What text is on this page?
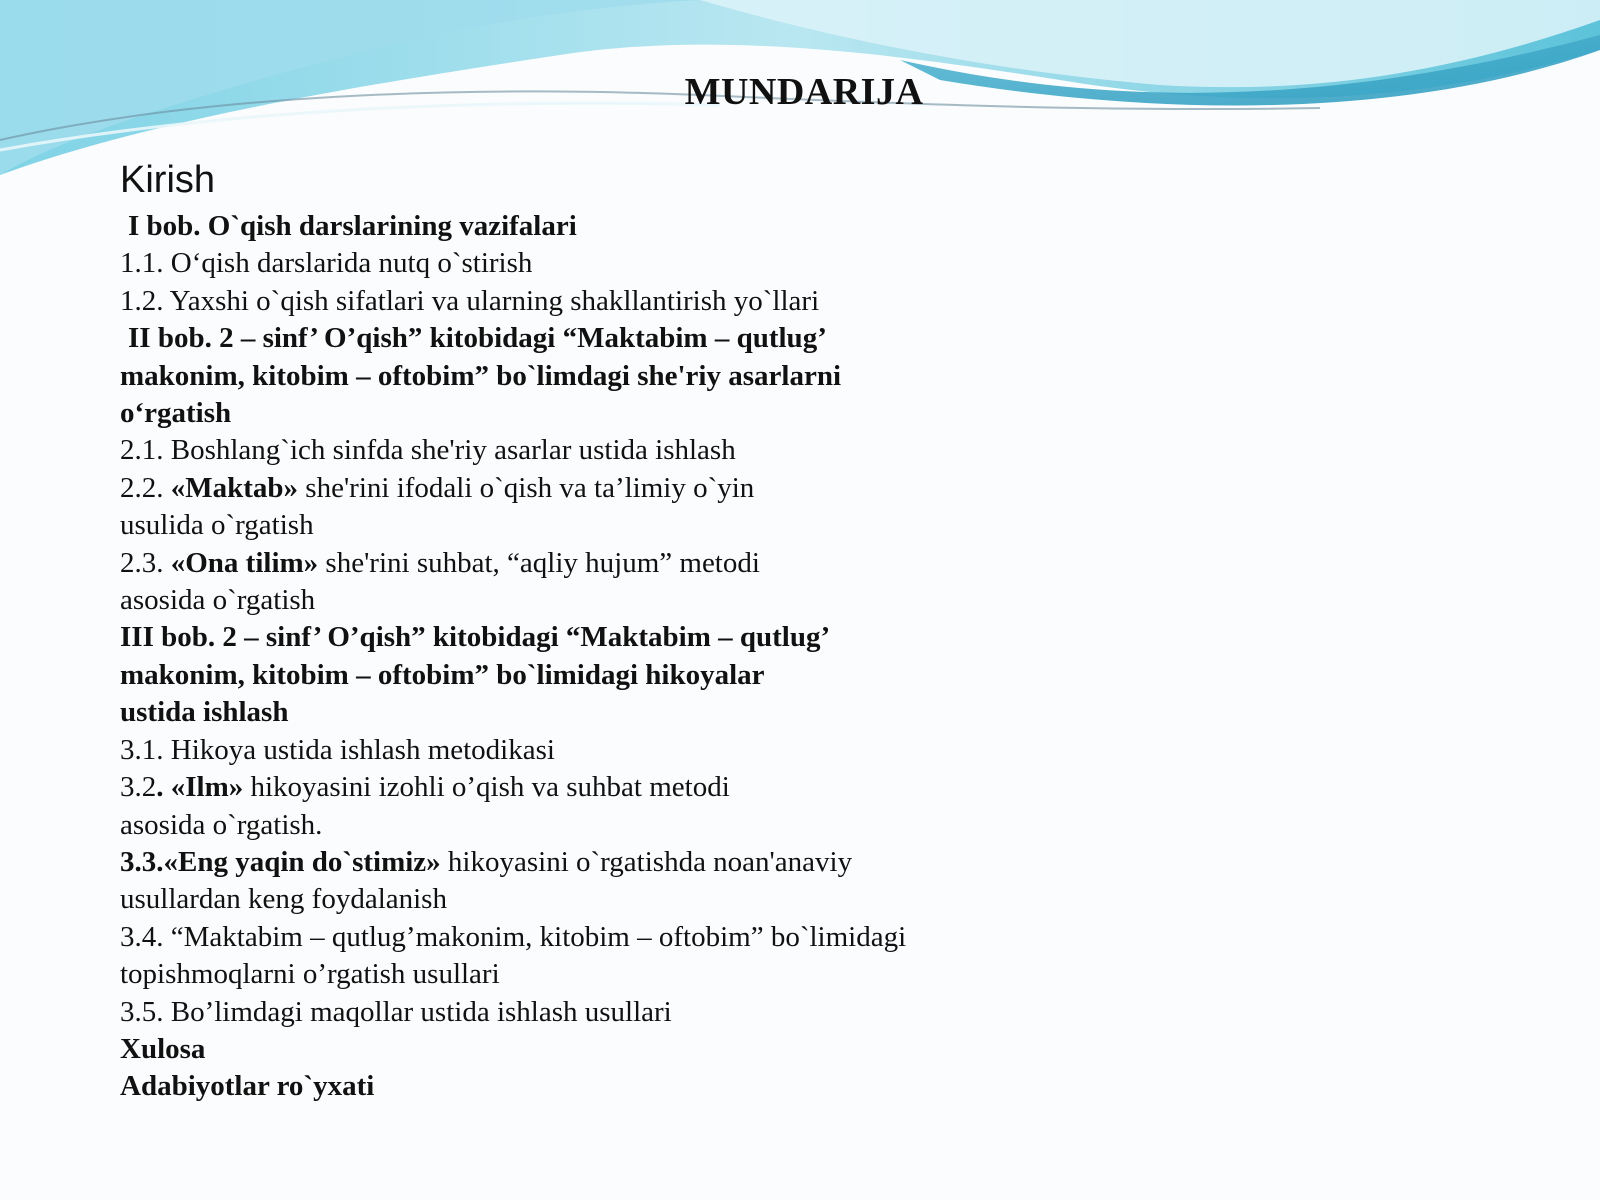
MUNDARIJA
Kirish
I bob. O`qish darslarining vazifalari
1.1. O‘qish darslarida nutq o`stirish
1.2. Yaxshi o`qish sifatlari va ularning shakllantirish yo`llari
II bob. 2 – sinf’ O’qish” kitobidagi “Maktabim – qutlug’
makonim, kitobim – oftobim” bo`limdagi she'riy asarlarni
o‘rgatish
2.1. Boshlang`ich sinfda she'riy asarlar ustida ishlash
2.2. «Maktab» she'rini ifodali o`qish va ta’limiy o`yin
usulida o`rgatish
2.3. «Ona tilim» she'rini suhbat, “aqliy hujum” metodi
asosida o`rgatish
III bob. 2 – sinf’ O’qish” kitobidagi “Maktabim – qutlug’
makonim, kitobim – oftobim” bo`limidagi hikoyalar
ustida ishlash
3.1. Hikoya ustida ishlash metodikasi
3.2. «Ilm» hikoyasini izohli o’qish va suhbat metodi
asosida o`rgatish.
3.3.«Eng yaqin do`stimiz» hikoyasini o`rgatishda noan'anaviy
usullardan keng foydalanish
3.4. “Maktabim – qutlug’makonim, kitobim – oftobim” bo`limidagi
topishmoqlarni o’rgatish usullari
3.5. Bo’limdagi maqollar ustida ishlash usullari
Xulosa
Adabiyotlar ro`yxati
